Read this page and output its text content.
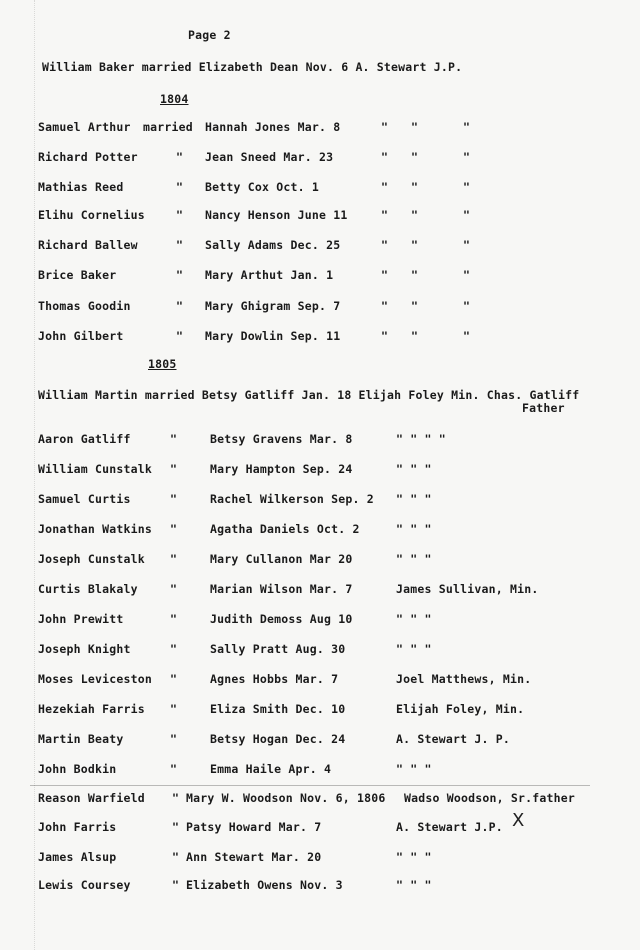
Page 2
William Baker married Elizabeth Dean Nov. 6 A. Stewart J.P.
1804
Samuel Arthur married Hannah Jones Mar. 8	" "	"
Richard Potter	" Jean Sneed Mar. 23	" "	"
Mathias Reed	" Betty Cox Oct. 1	" "	"
Elihu Cornelius	" Nancy Henson June 11	" "	"
Richard Ballew	" Sally Adams Dec. 25	" "	"
Brice Baker	" Mary Arthut Jan. 1	" "	"
Thomas Goodin	" Mary Ghigram Sep. 7	" "	"
John Gilbert	" Mary Dowlin Sep. 11	" "	"
1805
William Martin married Betsy Gatliff Jan. 18 Elijah Foley Min. Chas. Gatliff
Father
Aaron Gatliff	"	Betsy Gravens Mar. 8	" " " "
William Cunstalk "	Mary Hampton Sep. 24	" " "
Samuel Curtis	"	Rachel Wilkerson Sep. 2 " " "
Jonathan Watkins "	Agatha Daniels Oct. 2	" " "
Joseph Cunstalk "	Mary Cullanon Mar 20	" " "
Curtis Blakaly	"	Marian Wilson Mar. 7	James Sullivan, Min.
John Prewitt	"	Judith Demoss Aug 10	" " "
Joseph Knight	"	Sally Pratt Aug. 30	" " "
Moses Leviceston "	Agnes Hobbs Mar. 7	Joel Matthews, Min.
Hezekiah Farris "	Eliza Smith Dec. 10	Elijah Foley, Min.
Martin Beaty	"	Betsy Hogan Dec. 24	A. Stewart J. P.
John Bodkin	"	Emma Haile Apr. 4	" " "
Reason Warfield " Mary W. Woodson Nov. 6, 1806 Wadso Woodson, Sr.father
John Farris	" Patsy Howard Mar. 7	A. Stewart J.P.
James Alsup	" Ann Stewart Mar. 20	" " "
Lewis Coursey	" Elizabeth Owens Nov. 3	" " "
X
